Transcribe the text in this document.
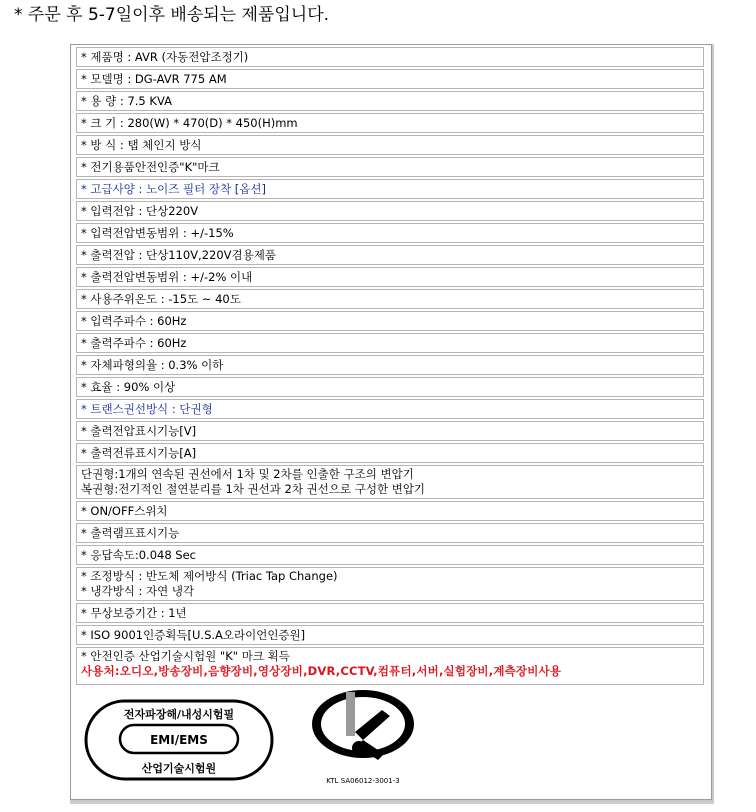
* 주문 후 5-7일이후 배송되는 제품입니다.
* 제품명 : AVR (자동전압조정기)
* 모델명 : DG-AVR 775 AM
* 용 량 : 7.5 KVA
* 크 기 : 280(W) * 470(D) * 450(H)mm
* 방 식 : 탭 체인지 방식
* 전기용품안전인증"K"마크
* 고급사양 : 노이즈 필터 장착 [옵션]
* 입력전압 : 단상220V
* 입력전압변동범위 : +/-15%
* 출력전압 : 단상110V,220V겸용제품
* 출력전압변동범위 : +/-2% 이내
* 사용주위온도 : -15도 ~ 40도
* 입력주파수 : 60Hz
* 출력주파수 : 60Hz
* 자체파형의율 : 0.3% 이하
* 효율 : 90% 이상
* 트랜스권선방식 : 단권형
* 출력전압표시기능[V]
* 출력전류표시기능[A]
단권형:1개의 연속된 권선에서 1차 및 2차를 인출한 구조의 변압기
복권형:전기적인 절연분리를 1차 권선과 2차 권선으로 구성한 변압기
* ON/OFF스위치
* 출력램프표시기능
* 응답속도:0.048 Sec
* 조정방식 : 반도체 제어방식 (Triac Tap Change)
* 냉각방식 : 자연 냉각
* 무상보증기간 : 1년
* ISO 9001인증획득[U.S.A오라이언인증원]
* 안전인증 산업기술시험원 "K" 마크 획득
사용처:오디오,방송장비,음향장비,영상장비,DVR,CCTV,컴퓨터,서버,실험장비,계측장비사용
전자파장해/내성시험필
EMI/EMS
산업기술시험원
KTL SA06012-3001-3
